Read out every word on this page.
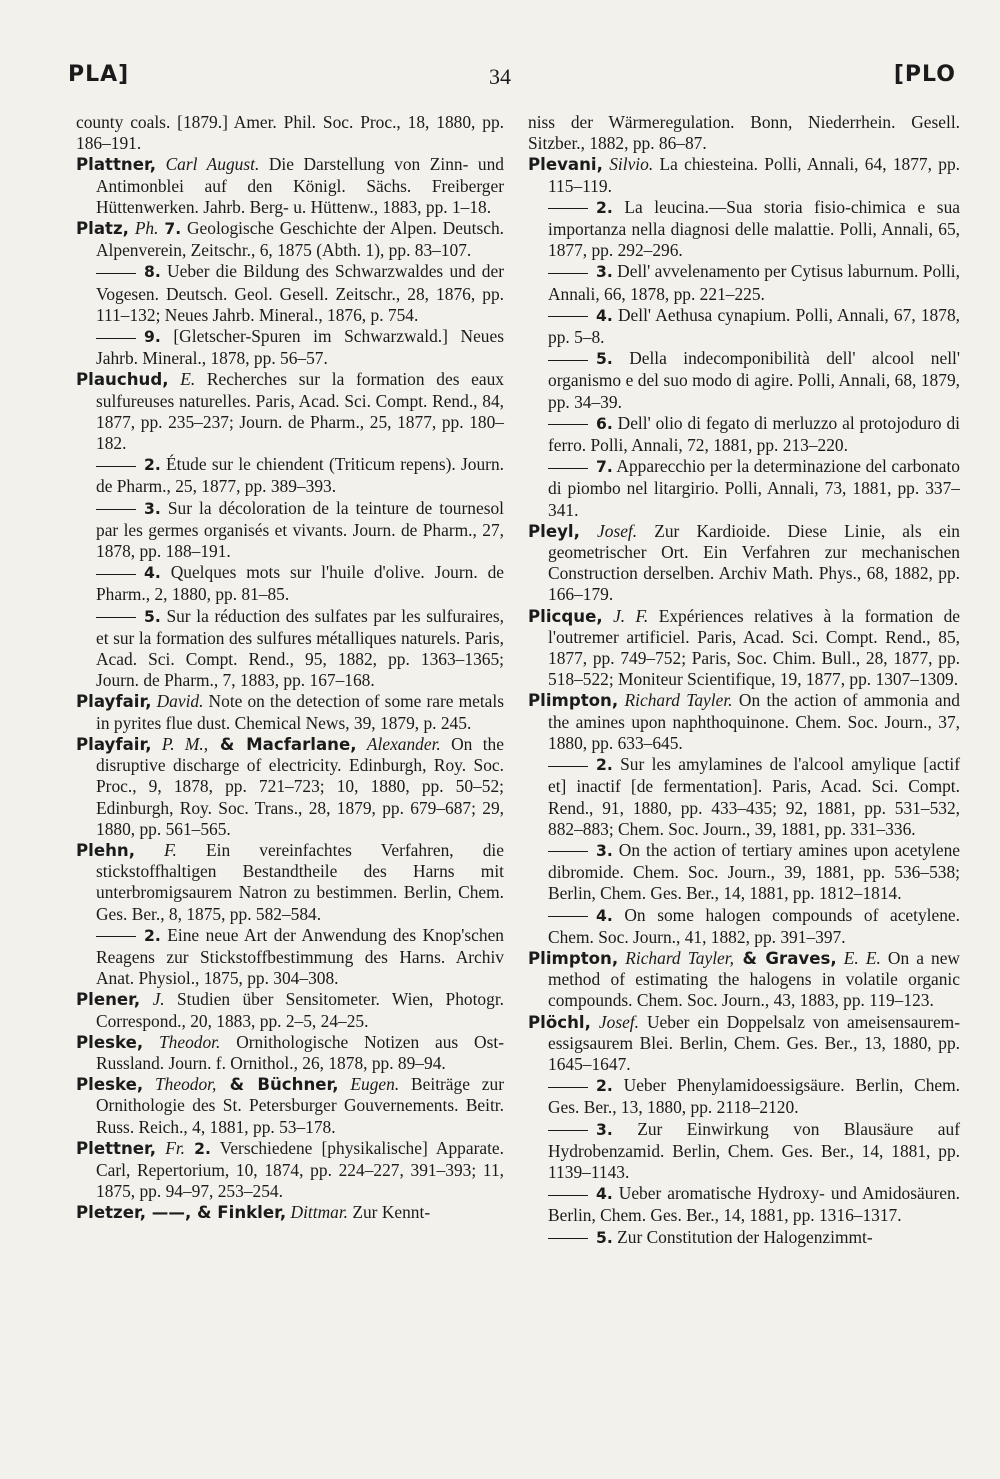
PLA]	34	[PLO

county coals. [1879.] Amer. Phil. Soc. Proc., 18, 1880, pp. 186–191.

Plattner, Carl August. Die Darstellung von Zinn- und Antimonblei auf den Königl. Sächs. Freiberger Hüttenwerken. Jahrb. Berg- u. Hüttenw., 1883, pp. 1–18.

Platz, Ph. 7. Geologische Geschichte der Alpen. Deutsch. Alpenverein, Zeitschr., 6, 1875 (Abth. 1), pp. 83–107.

8. Ueber die Bildung des Schwarzwaldes und der Vogesen. Deutsch. Geol. Gesell. Zeitschr., 28, 1876, pp. 111–132; Neues Jahrb. Mineral., 1876, p. 754.

9. [Gletscher-Spuren im Schwarzwald.] Neues Jahrb. Mineral., 1878, pp. 56–57.

Plauchud, E. Recherches sur la formation des eaux sulfureuses naturelles. Paris, Acad. Sci. Compt. Rend., 84, 1877, pp. 235–237; Journ. de Pharm., 25, 1877, pp. 180–182.

2. Étude sur le chiendent (Triticum repens). Journ. de Pharm., 25, 1877, pp. 389–393.

3. Sur la décoloration de la teinture de tournesol par les germes organisés et vivants. Journ. de Pharm., 27, 1878, pp. 188–191.

4. Quelques mots sur l'huile d'olive. Journ. de Pharm., 2, 1880, pp. 81–85.

5. Sur la réduction des sulfates par les sulfuraires, et sur la formation des sulfures métalliques naturels. Paris, Acad. Sci. Compt. Rend., 95, 1882, pp. 1363–1365; Journ. de Pharm., 7, 1883, pp. 167–168.

Playfair, David. Note on the detection of some rare metals in pyrites flue dust. Chemical News, 39, 1879, p. 245.

Playfair, P. M., & Macfarlane, Alexander. On the disruptive discharge of electricity. Edinburgh, Roy. Soc. Proc., 9, 1878, pp. 721–723; 10, 1880, pp. 50–52; Edinburgh, Roy. Soc. Trans., 28, 1879, pp. 679–687; 29, 1880, pp. 561–565.

Plehn, F. Ein vereinfachtes Verfahren, die stickstoffhaltigen Bestandtheile des Harns mit unterbromigsaurem Natron zu bestimmen. Berlin, Chem. Ges. Ber., 8, 1875, pp. 582–584.

2. Eine neue Art der Anwendung des Knop'schen Reagens zur Stickstoffbestimmung des Harns. Archiv Anat. Physiol., 1875, pp. 304–308.

Plener, J. Studien über Sensitometer. Wien, Photogr. Correspond., 20, 1883, pp. 2–5, 24–25.

Pleske, Theodor. Ornithologische Notizen aus Ost-Russland. Journ. f. Ornithol., 26, 1878, pp. 89–94.

Pleske, Theodor, & Büchner, Eugen. Beiträge zur Ornithologie des St. Petersburger Gouvernements. Beitr. Russ. Reich., 4, 1881, pp. 53–178.

Plettner, Fr. 2. Verschiedene [physikalische] Apparate. Carl, Repertorium, 10, 1874, pp. 224–227, 391–393; 11, 1875, pp. 94–97, 253–254.

Pletzer, ——, & Finkler, Dittmar. Zur Kennt-

niss der Wärmeregulation. Bonn, Niederrhein. Gesell. Sitzber., 1882, pp. 86–87.

Plevani, Silvio. La chiesteina. Polli, Annali, 64, 1877, pp. 115–119.

2. La leucina.—Sua storia fisio-chimica e sua importanza nella diagnosi delle malattie. Polli, Annali, 65, 1877, pp. 292–296.

3. Dell' avvelenamento per Cytisus laburnum. Polli, Annali, 66, 1878, pp. 221–225.

4. Dell' Aethusa cynapium. Polli, Annali, 67, 1878, pp. 5–8.

5. Della indecomponibilità dell' alcool nell' organismo e del suo modo di agire. Polli, Annali, 68, 1879, pp. 34–39.

6. Dell' olio di fegato di merluzzo al protojoduro di ferro. Polli, Annali, 72, 1881, pp. 213–220.

7. Apparecchio per la determinazione del carbonato di piombo nel litargirio. Polli, Annali, 73, 1881, pp. 337–341.

Pleyl, Josef. Zur Kardioide. Diese Linie, als ein geometrischer Ort. Ein Verfahren zur mechanischen Construction derselben. Archiv Math. Phys., 68, 1882, pp. 166–179.

Plicque, J. F. Expériences relatives à la formation de l'outremer artificiel. Paris, Acad. Sci. Compt. Rend., 85, 1877, pp. 749–752; Paris, Soc. Chim. Bull., 28, 1877, pp. 518–522; Moniteur Scientifique, 19, 1877, pp. 1307–1309.

Plimpton, Richard Tayler. On the action of ammonia and the amines upon naphthoquinone. Chem. Soc. Journ., 37, 1880, pp. 633–645.

2. Sur les amylamines de l'alcool amylique [actif et] inactif [de fermentation]. Paris, Acad. Sci. Compt. Rend., 91, 1880, pp. 433–435; 92, 1881, pp. 531–532, 882–883; Chem. Soc. Journ., 39, 1881, pp. 331–336.

3. On the action of tertiary amines upon acetylene dibromide. Chem. Soc. Journ., 39, 1881, pp. 536–538; Berlin, Chem. Ges. Ber., 14, 1881, pp. 1812–1814.

4. On some halogen compounds of acetylene. Chem. Soc. Journ., 41, 1882, pp. 391–397.

Plimpton, Richard Tayler, & Graves, E. E. On a new method of estimating the halogens in volatile organic compounds. Chem. Soc. Journ., 43, 1883, pp. 119–123.

Plöchl, Josef. Ueber ein Doppelsalz von ameisensaurem-essigsaurem Blei. Berlin, Chem. Ges. Ber., 13, 1880, pp. 1645–1647.

2. Ueber Phenylamidoessigsäure. Berlin, Chem. Ges. Ber., 13, 1880, pp. 2118–2120.

3. Zur Einwirkung von Blausäure auf Hydrobenzamid. Berlin, Chem. Ges. Ber., 14, 1881, pp. 1139–1143.

4. Ueber aromatische Hydroxy- und Amidosäuren. Berlin, Chem. Ges. Ber., 14, 1881, pp. 1316–1317.

5. Zur Constitution der Halogenzimmt-
